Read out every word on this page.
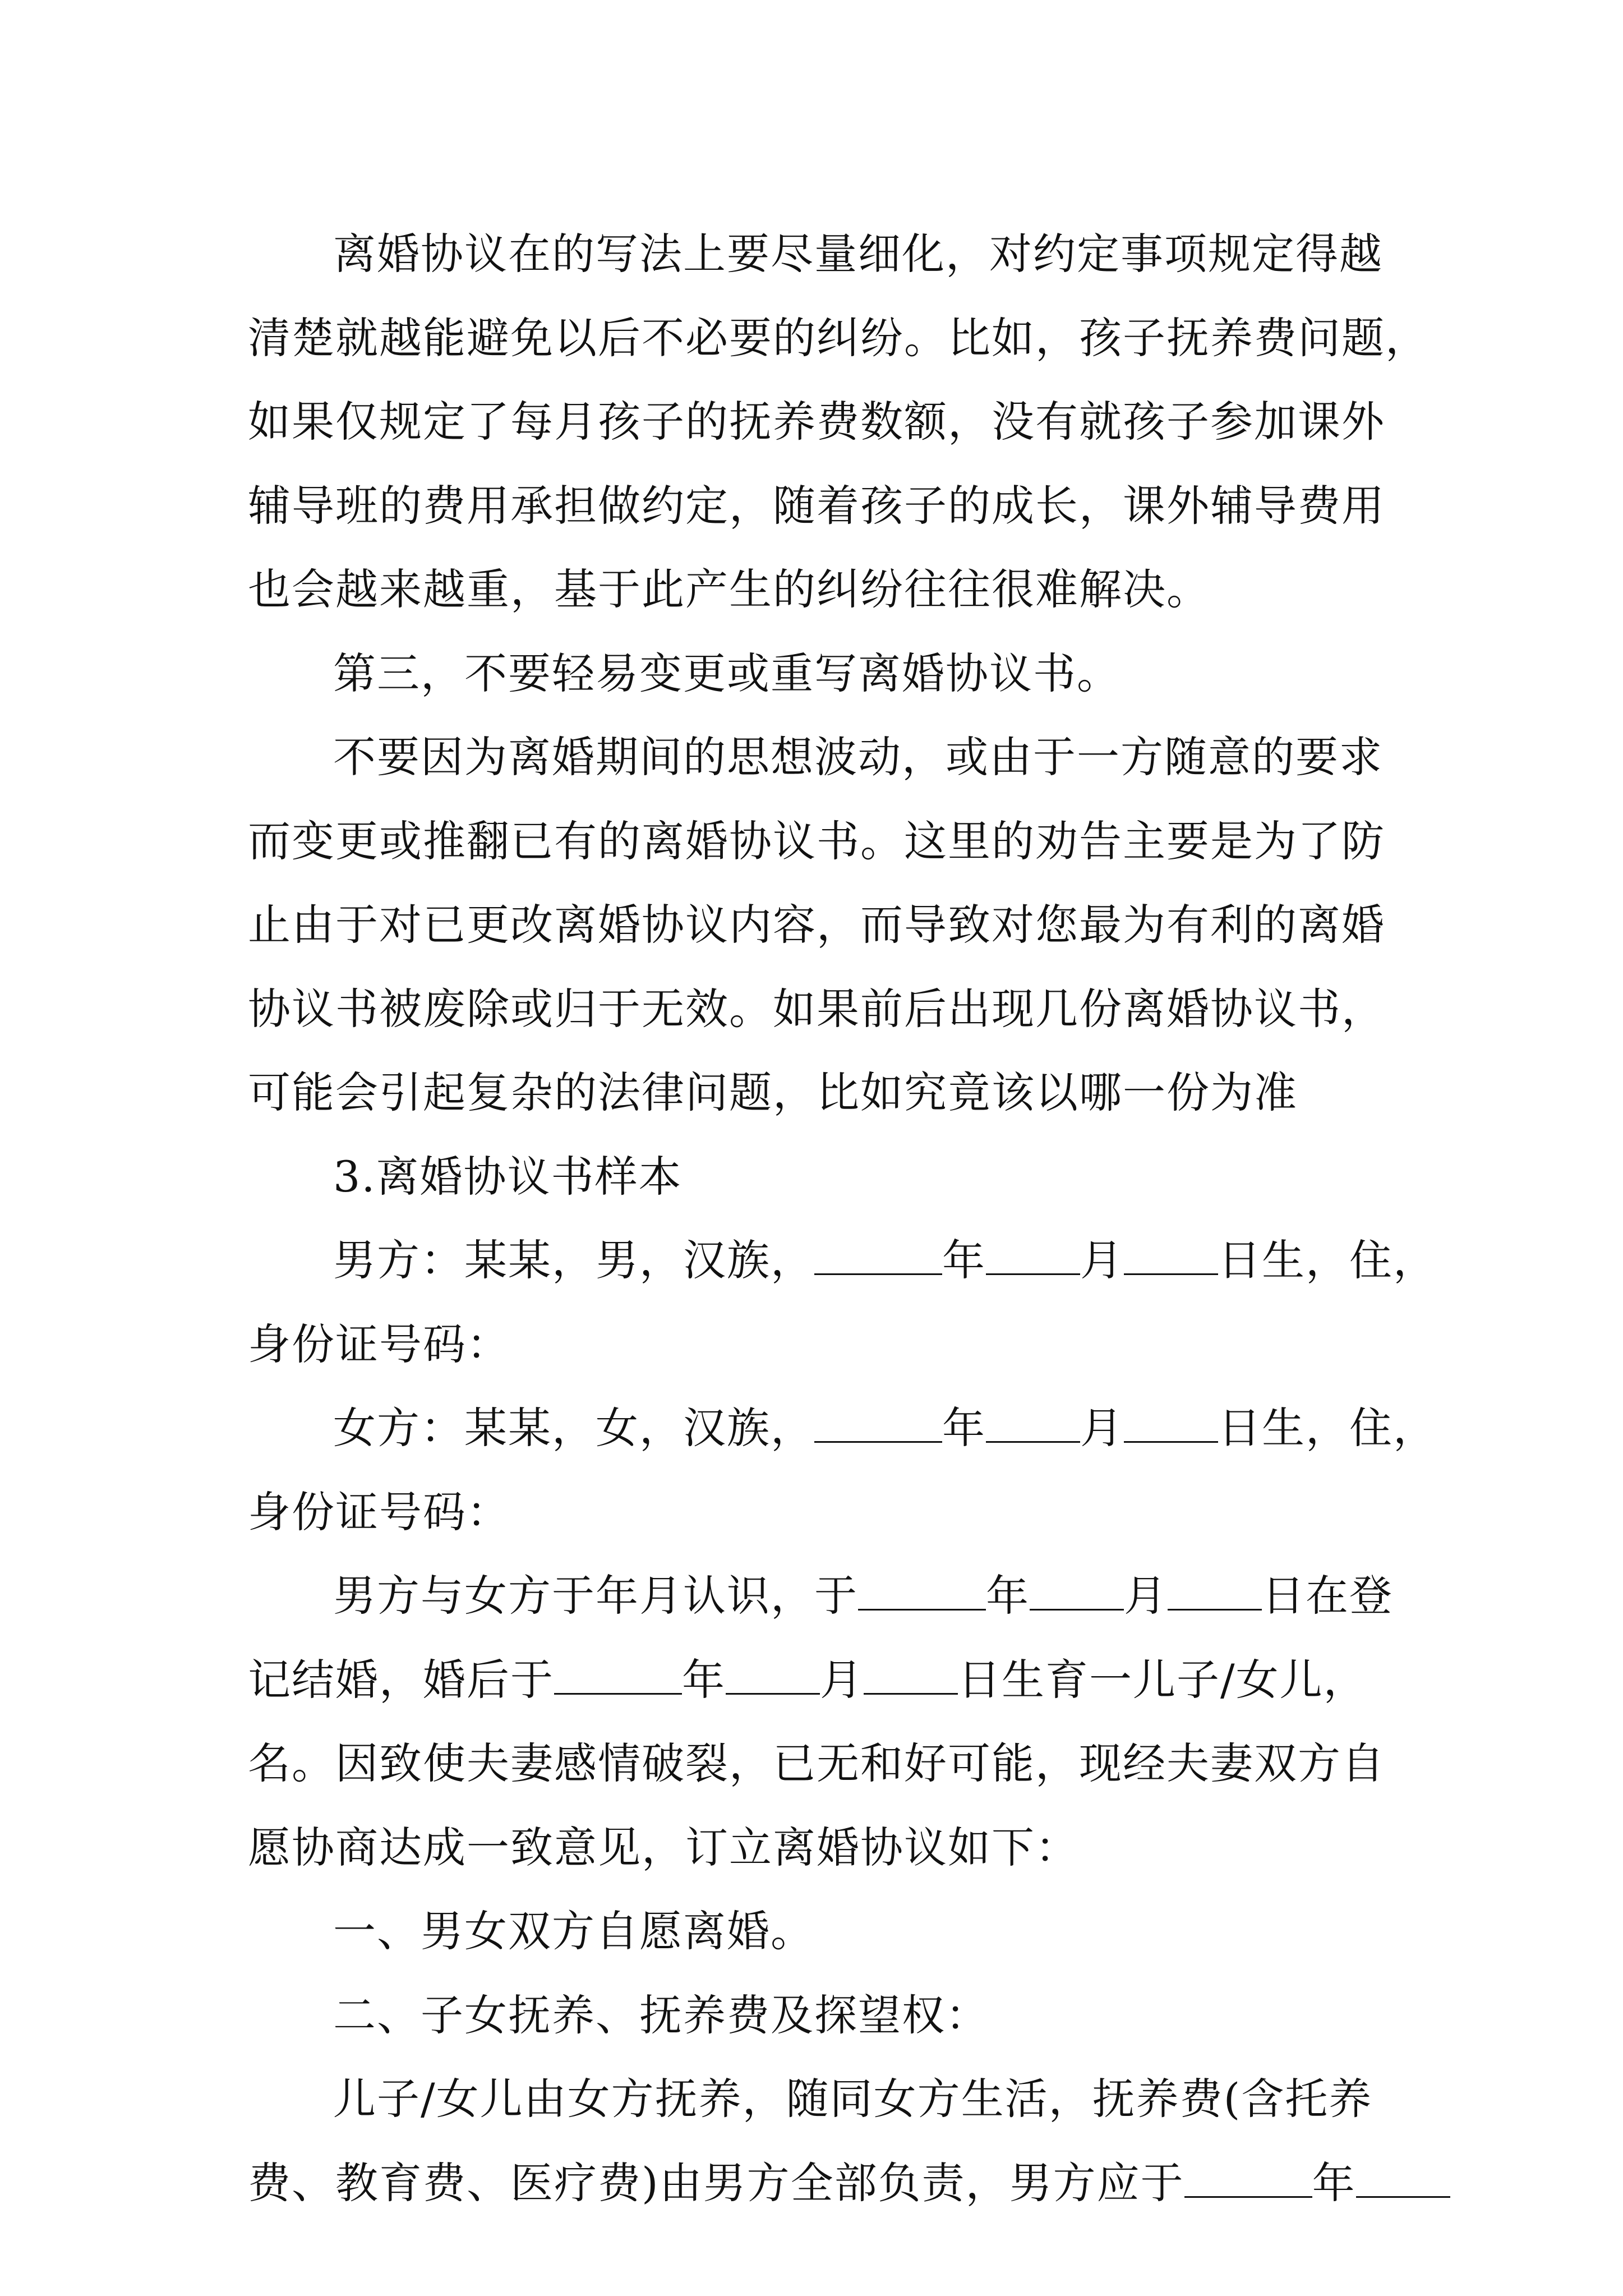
离婚协议在的写法上要尽量细化，对约定事项规定得越
清楚就越能避免以后不必要的纠纷。比如，孩子抚养费问题，
如果仅规定了每月孩子的抚养费数额，没有就孩子参加课外
辅导班的费用承担做约定，随着孩子的成长，课外辅导费用
也会越来越重，基于此产生的纠纷往往很难解决。
第三，不要轻易变更或重写离婚协议书。
不要因为离婚期间的思想波动，或由于一方随意的要求
而变更或推翻已有的离婚协议书。这里的劝告主要是为了防
止由于对已更改离婚协议内容，而导致对您最为有利的离婚
协议书被废除或归于无效。如果前后出现几份离婚协议书，
可能会引起复杂的法律问题，比如究竟该以哪一份为准
3.离婚协议书样本
男方：某某，男，汉族，	年 月 日生，住，
身份证号码：
女方：某某，女，汉族，	年 月 日生，住，
身份证号码：
男方与女方于年月认识，于	年 月 日在登
记结婚，婚后于	年 月 日生育一儿子/女儿，
名。因致使夫妻感情破裂，已无和好可能，现经夫妻双方自
愿协商达成一致意见，订立离婚协议如下：
一、男女双方自愿离婚。
二、子女抚养、抚养费及探望权：
儿子/女儿由女方抚养，随同女方生活，抚养费(含托养
费、教育费、医疗费)由男方全部负责，男方应于	年
